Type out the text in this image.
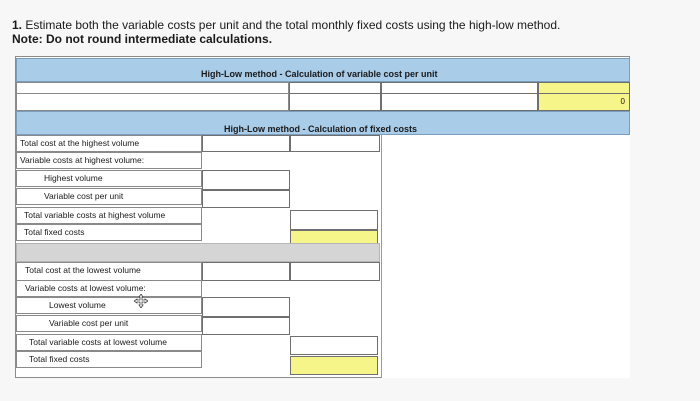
1. Estimate both the variable costs per unit and the total monthly fixed costs using the high-low method.
Note: Do not round intermediate calculations.
High-Low method - Calculation of variable cost per unit
0
High-Low method - Calculation of fixed costs
Total cost at the highest volume
Variable costs at highest volume:
Highest volume
Variable cost per unit
Total variable costs at highest volume
Total fixed costs
Total cost at the lowest volume
Variable costs at lowest volume:
Lowest volume
Variable cost per unit
Total variable costs at lowest volume
Total fixed costs
